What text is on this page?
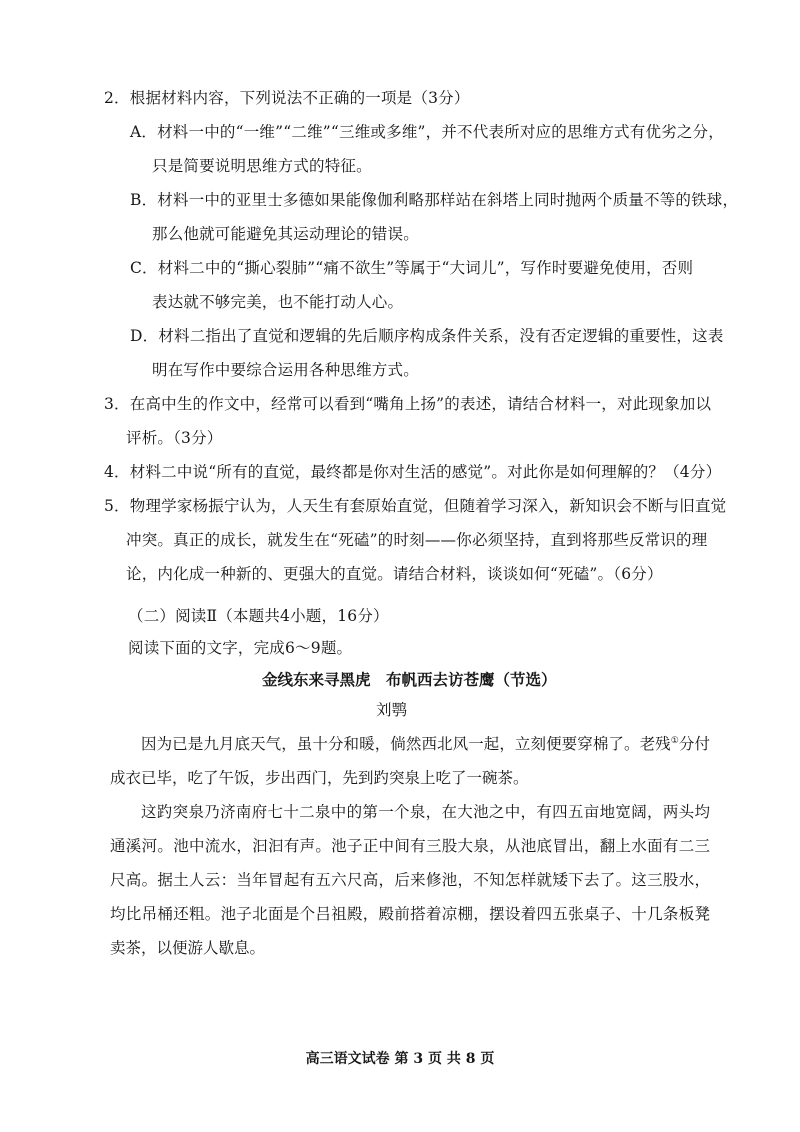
2．根据材料内容，下列说法不正确的一项是（3分）
A．材料一中的“一维”“二维”“三维或多维”，并不代表所对应的思维方式有优劣之分，
只是简要说明思维方式的特征。
B．材料一中的亚里士多德如果能像伽利略那样站在斜塔上同时抛两个质量不等的铁球，
那么他就可能避免其运动理论的错误。
C．材料二中的“撕心裂肺”“痛不欲生”等属于“大词儿”，写作时要避免使用，否则
表达就不够完美，也不能打动人心。
D．材料二指出了直觉和逻辑的先后顺序构成条件关系，没有否定逻辑的重要性，这表
明在写作中要综合运用各种思维方式。
3．在高中生的作文中，经常可以看到“嘴角上扬”的表述，请结合材料一，对此现象加以
评析。（3分）
4．材料二中说“所有的直觉，最终都是你对生活的感觉”。对此你是如何理解的？（4分）
5．物理学家杨振宁认为，人天生有套原始直觉，但随着学习深入，新知识会不断与旧直觉
冲突。真正的成长，就发生在“死磕”的时刻——你必须坚持，直到将那些反常识的理
论，内化成一种新的、更强大的直觉。请结合材料，谈谈如何“死磕”。（6分）
（二）阅读Ⅱ（本题共4小题，16分）
阅读下面的文字，完成6～9题。
金线东来寻黑虎　布帆西去访苍鹰（节选）
刘鹗

因为已是九月底天气，虽十分和暖，倘然西北风一起，立刻便要穿棉了。老残①分付成衣已毕，吃了午饭，步出西门，先到趵突泉上吃了一碗茶。

这趵突泉乃济南府七十二泉中的第一个泉，在大池之中，有四五亩地宽阔，两头均通溪河。池中流水，汩汩有声。池子正中间有三股大泉，从池底冒出，翻上水面有二三尺高。据土人云：当年冒起有五六尺高，后来修池，不知怎样就矮下去了。这三股水，均比吊桶还粗。池子北面是个吕祖殿，殿前搭着凉棚，摆设着四五张桌子、十几条板凳卖茶，以便游人歇息。

高三语文试卷 第 3 页 共 8 页
